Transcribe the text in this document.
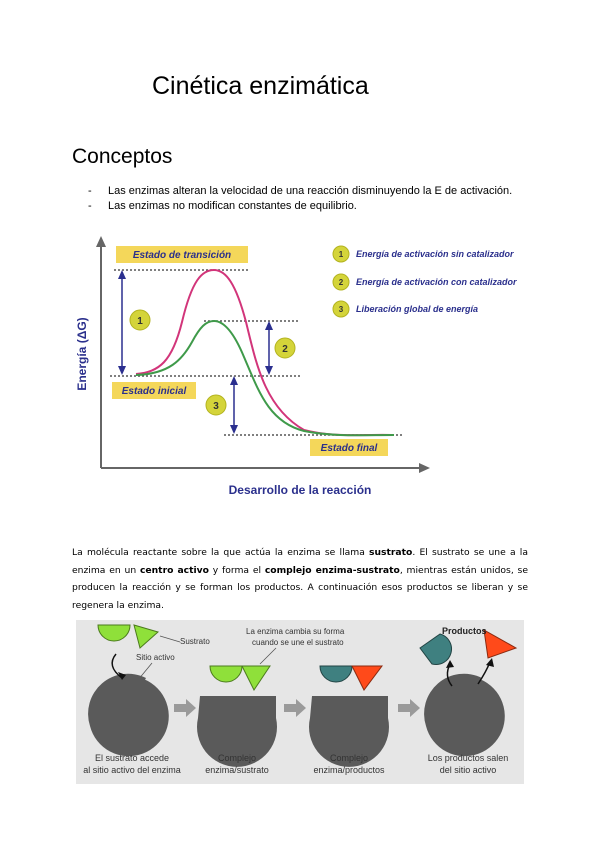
Cinética enzimática
Conceptos
- Las enzimas alteran la velocidad de una reacción disminuyendo la E de activación.
- Las enzimas no modifican constantes de equilibrio.
Energía (ΔG)
Desarrollo de la reacción
Estado de transición
Estado inicial
Estado final
1
2
3
1 Energía de activación sin catalizador
2 Energía de activación con catalizador
3 Liberación global de energía

La molécula reactante sobre la que actúa la enzima se llama sustrato. El sustrato se une a la enzima en un centro activo y forma el complejo enzima-sustrato, mientras están unidos, se producen la reacción y se forman los productos. A continuación esos productos se liberan y se regenera la enzima.

Sustrato
Sitio activo
La enzima cambia su forma
cuando se une el sustrato
Productos
El sustrato accede
al sitio activo del enzima
Complejo
enzima/sustrato
Complejo
enzima/productos
Los productos salen
del sitio activo
